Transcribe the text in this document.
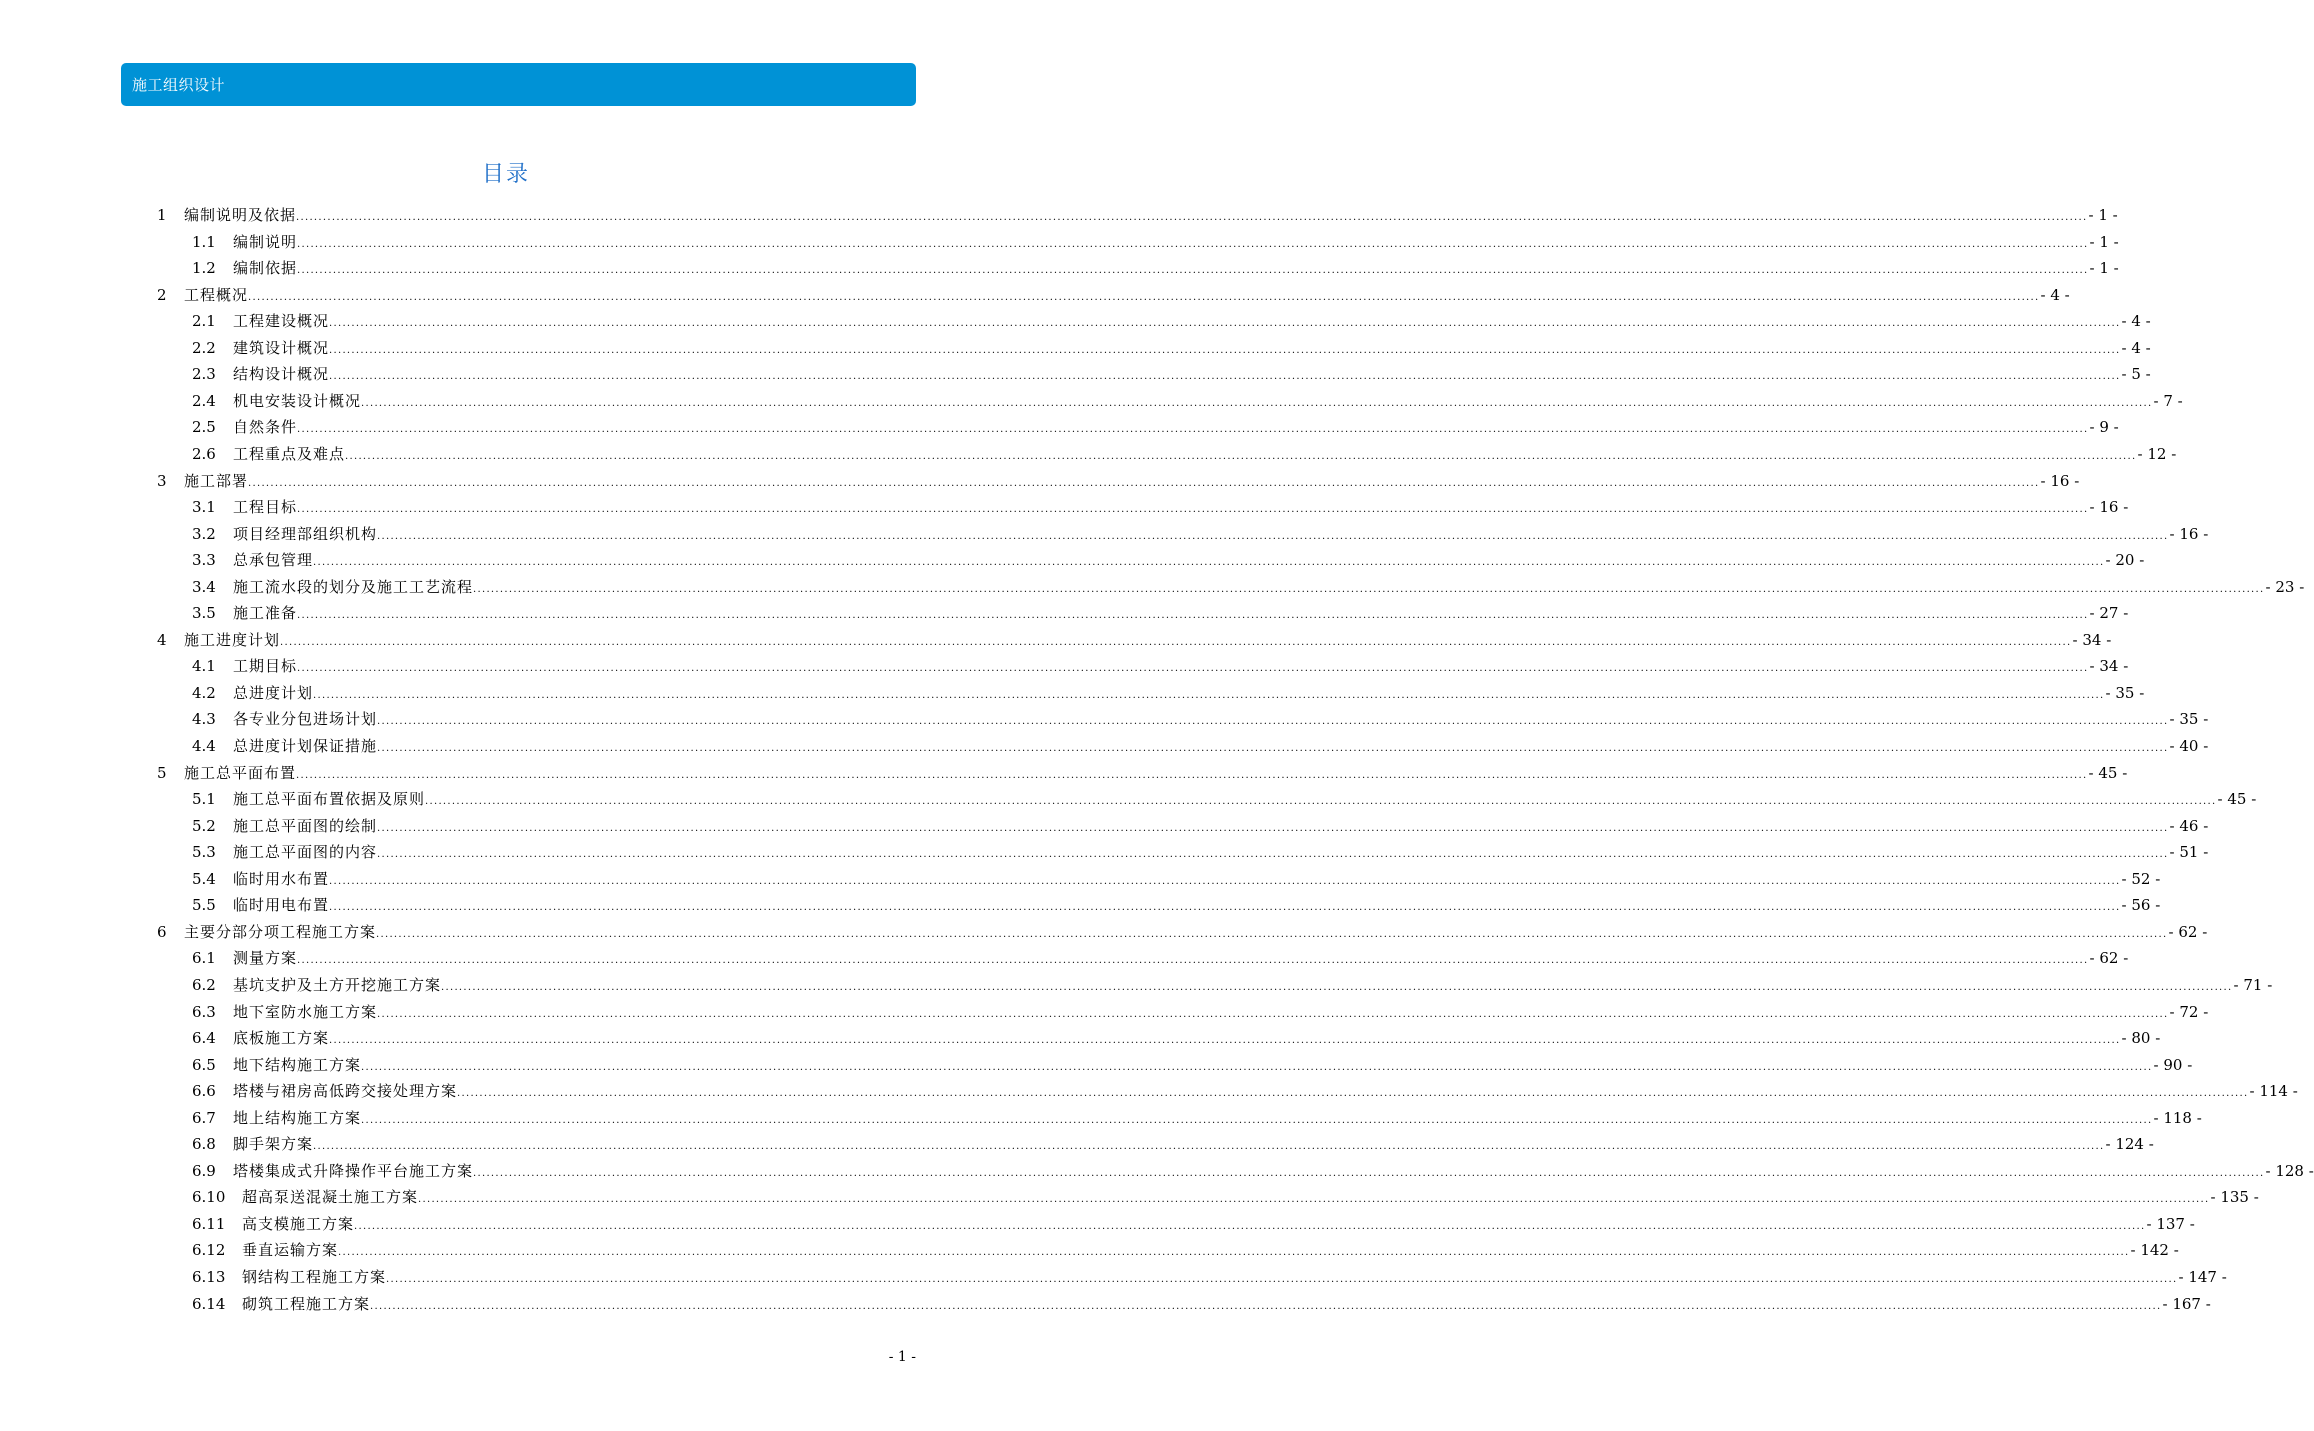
施工组织设计
目录
1 编制说明及依据 ................................................................................................................................................................................................................................................................................................................................................................................................................ - 1 -
1.1 编制说明 ................................................................................................................................................................................................................................................................................................................................................................................................................ - 1 -
1.2 编制依据 ................................................................................................................................................................................................................................................................................................................................................................................................................ - 1 -
2 工程概况 ................................................................................................................................................................................................................................................................................................................................................................................................................ - 4 -
2.1 工程建设概况 ................................................................................................................................................................................................................................................................................................................................................................................................................ - 4 -
2.2 建筑设计概况 ................................................................................................................................................................................................................................................................................................................................................................................................................ - 4 -
2.3 结构设计概况 ................................................................................................................................................................................................................................................................................................................................................................................................................ - 5 -
2.4 机电安装设计概况 ................................................................................................................................................................................................................................................................................................................................................................................................................ - 7 -
2.5 自然条件 ................................................................................................................................................................................................................................................................................................................................................................................................................ - 9 -
2.6 工程重点及难点 ................................................................................................................................................................................................................................................................................................................................................................................................................ - 12 -
3 施工部署 ................................................................................................................................................................................................................................................................................................................................................................................................................ - 16 -
3.1 工程目标 ................................................................................................................................................................................................................................................................................................................................................................................................................ - 16 -
3.2 项目经理部组织机构 ................................................................................................................................................................................................................................................................................................................................................................................................................ - 16 -
3.3 总承包管理 ................................................................................................................................................................................................................................................................................................................................................................................................................ - 20 -
3.4 施工流水段的划分及施工工艺流程 ................................................................................................................................................................................................................................................................................................................................................................................................................ - 23 -
3.5 施工准备 ................................................................................................................................................................................................................................................................................................................................................................................................................ - 27 -
4 施工进度计划 ................................................................................................................................................................................................................................................................................................................................................................................................................ - 34 -
4.1 工期目标 ................................................................................................................................................................................................................................................................................................................................................................................................................ - 34 -
4.2 总进度计划 ................................................................................................................................................................................................................................................................................................................................................................................................................ - 35 -
4.3 各专业分包进场计划 ................................................................................................................................................................................................................................................................................................................................................................................................................ - 35 -
4.4 总进度计划保证措施 ................................................................................................................................................................................................................................................................................................................................................................................................................ - 40 -
5 施工总平面布置 ................................................................................................................................................................................................................................................................................................................................................................................................................ - 45 -
5.1 施工总平面布置依据及原则 ................................................................................................................................................................................................................................................................................................................................................................................................................ - 45 -
5.2 施工总平面图的绘制 ................................................................................................................................................................................................................................................................................................................................................................................................................ - 46 -
5.3 施工总平面图的内容 ................................................................................................................................................................................................................................................................................................................................................................................................................ - 51 -
5.4 临时用水布置 ................................................................................................................................................................................................................................................................................................................................................................................................................ - 52 -
5.5 临时用电布置 ................................................................................................................................................................................................................................................................................................................................................................................................................ - 56 -
6 主要分部分项工程施工方案 ................................................................................................................................................................................................................................................................................................................................................................................................................ - 62 -
6.1 测量方案 ................................................................................................................................................................................................................................................................................................................................................................................................................ - 62 -
6.2 基坑支护及土方开挖施工方案 ................................................................................................................................................................................................................................................................................................................................................................................................................ - 71 -
6.3 地下室防水施工方案 ................................................................................................................................................................................................................................................................................................................................................................................................................ - 72 -
6.4 底板施工方案 ................................................................................................................................................................................................................................................................................................................................................................................................................ - 80 -
6.5 地下结构施工方案 ................................................................................................................................................................................................................................................................................................................................................................................................................ - 90 -
6.6 塔楼与裙房高低跨交接处理方案 ................................................................................................................................................................................................................................................................................................................................................................................................................ - 114 -
6.7 地上结构施工方案 ................................................................................................................................................................................................................................................................................................................................................................................................................ - 118 -
6.8 脚手架方案 ................................................................................................................................................................................................................................................................................................................................................................................................................ - 124 -
6.9 塔楼集成式升降操作平台施工方案 ................................................................................................................................................................................................................................................................................................................................................................................................................ - 128 -
6.10 超高泵送混凝土施工方案 ................................................................................................................................................................................................................................................................................................................................................................................................................ - 135 -
6.11 高支模施工方案 ................................................................................................................................................................................................................................................................................................................................................................................................................ - 137 -
6.12 垂直运输方案 ................................................................................................................................................................................................................................................................................................................................................................................................................ - 142 -
6.13 钢结构工程施工方案 ................................................................................................................................................................................................................................................................................................................................................................................................................ - 147 -
6.14 砌筑工程施工方案 ................................................................................................................................................................................................................................................................................................................................................................................................................ - 167 -
- 1 -
